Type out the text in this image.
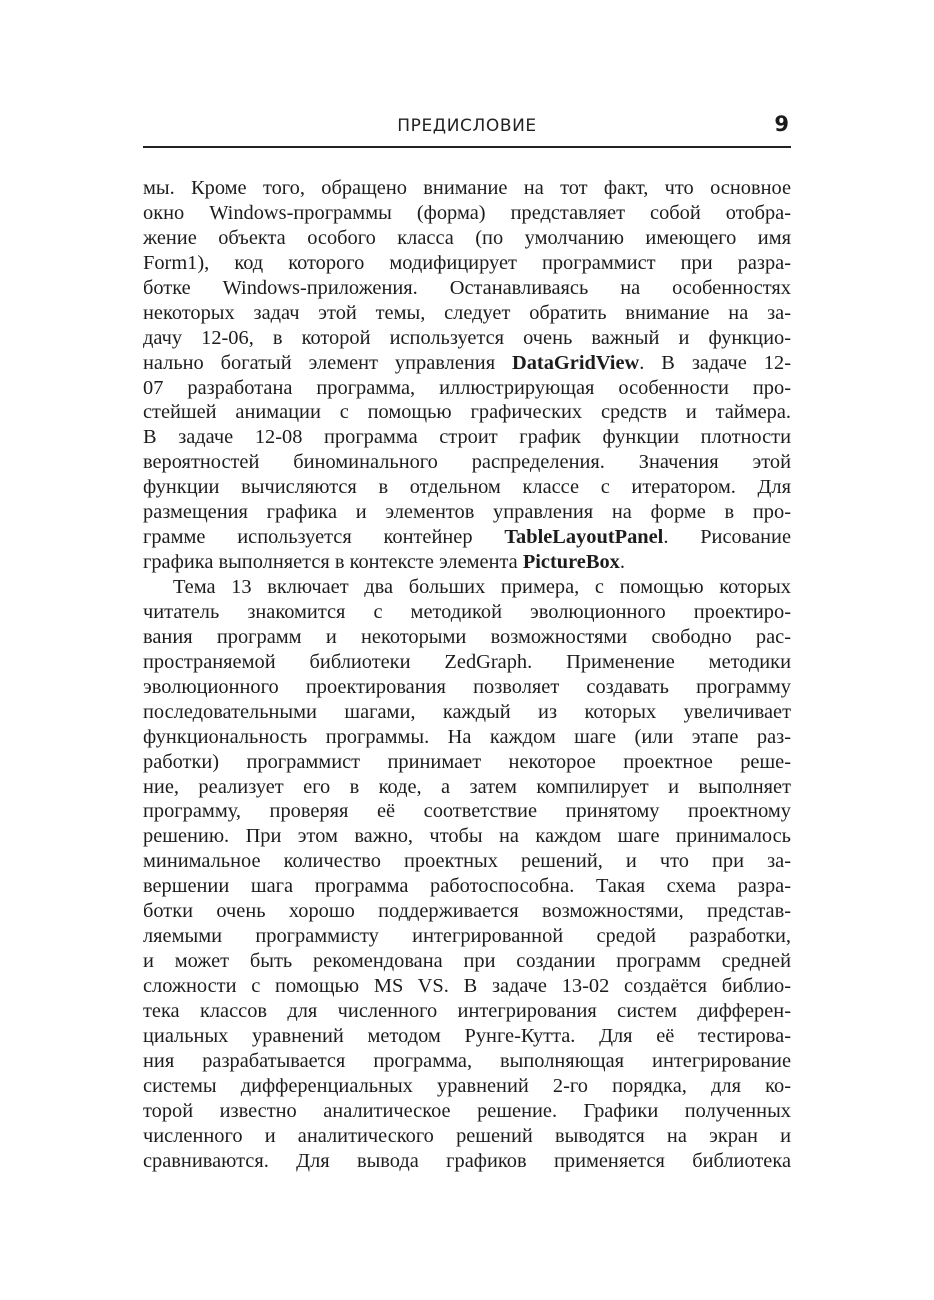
ПРЕДИСЛОВИЕ	9
мы. Кроме того, обращено внимание на тот факт, что основное
окно Windows-программы (форма) представляет собой отобра-
жение объекта особого класса (по умолчанию имеющего имя
Form1), код которого модифицирует программист при разра-
ботке Windows-приложения. Останавливаясь на особенностях
некоторых задач этой темы, следует обратить внимание на за-
дачу 12-06, в которой используется очень важный и функцио-
нально богатый элемент управления DataGridView. В задаче 12-
07 разработана программа, иллюстрирующая особенности про-
стейшей анимации с помощью графических средств и таймера.
В задаче 12-08 программа строит график функции плотности
вероятностей биноминального распределения. Значения этой
функции вычисляются в отдельном классе с итератором. Для
размещения графика и элементов управления на форме в про-
грамме используется контейнер TableLayoutPanel. Рисование
графика выполняется в контексте элемента PictureBox.
Тема 13 включает два больших примера, с помощью которых
читатель знакомится с методикой эволюционного проектиро-
вания программ и некоторыми возможностями свободно рас-
пространяемой библиотеки ZedGraph. Применение методики
эволюционного проектирования позволяет создавать программу
последовательными шагами, каждый из которых увеличивает
функциональность программы. На каждом шаге (или этапе раз-
работки) программист принимает некоторое проектное реше-
ние, реализует его в коде, а затем компилирует и выполняет
программу, проверяя её соответствие принятому проектному
решению. При этом важно, чтобы на каждом шаге принималось
минимальное количество проектных решений, и что при за-
вершении шага программа работоспособна. Такая схема разра-
ботки очень хорошо поддерживается возможностями, представ-
ляемыми программисту интегрированной средой разработки,
и может быть рекомендована при создании программ средней
сложности с помощью MS VS. В задаче 13-02 создаётся библио-
тека классов для численного интегрирования систем дифферен-
циальных уравнений методом Рунге-Кутта. Для её тестирова-
ния разрабатывается программа, выполняющая интегрирование
системы дифференциальных уравнений 2-го порядка, для ко-
торой известно аналитическое решение. Графики полученных
численного и аналитического решений выводятся на экран и
сравниваются. Для вывода графиков применяется библиотека
